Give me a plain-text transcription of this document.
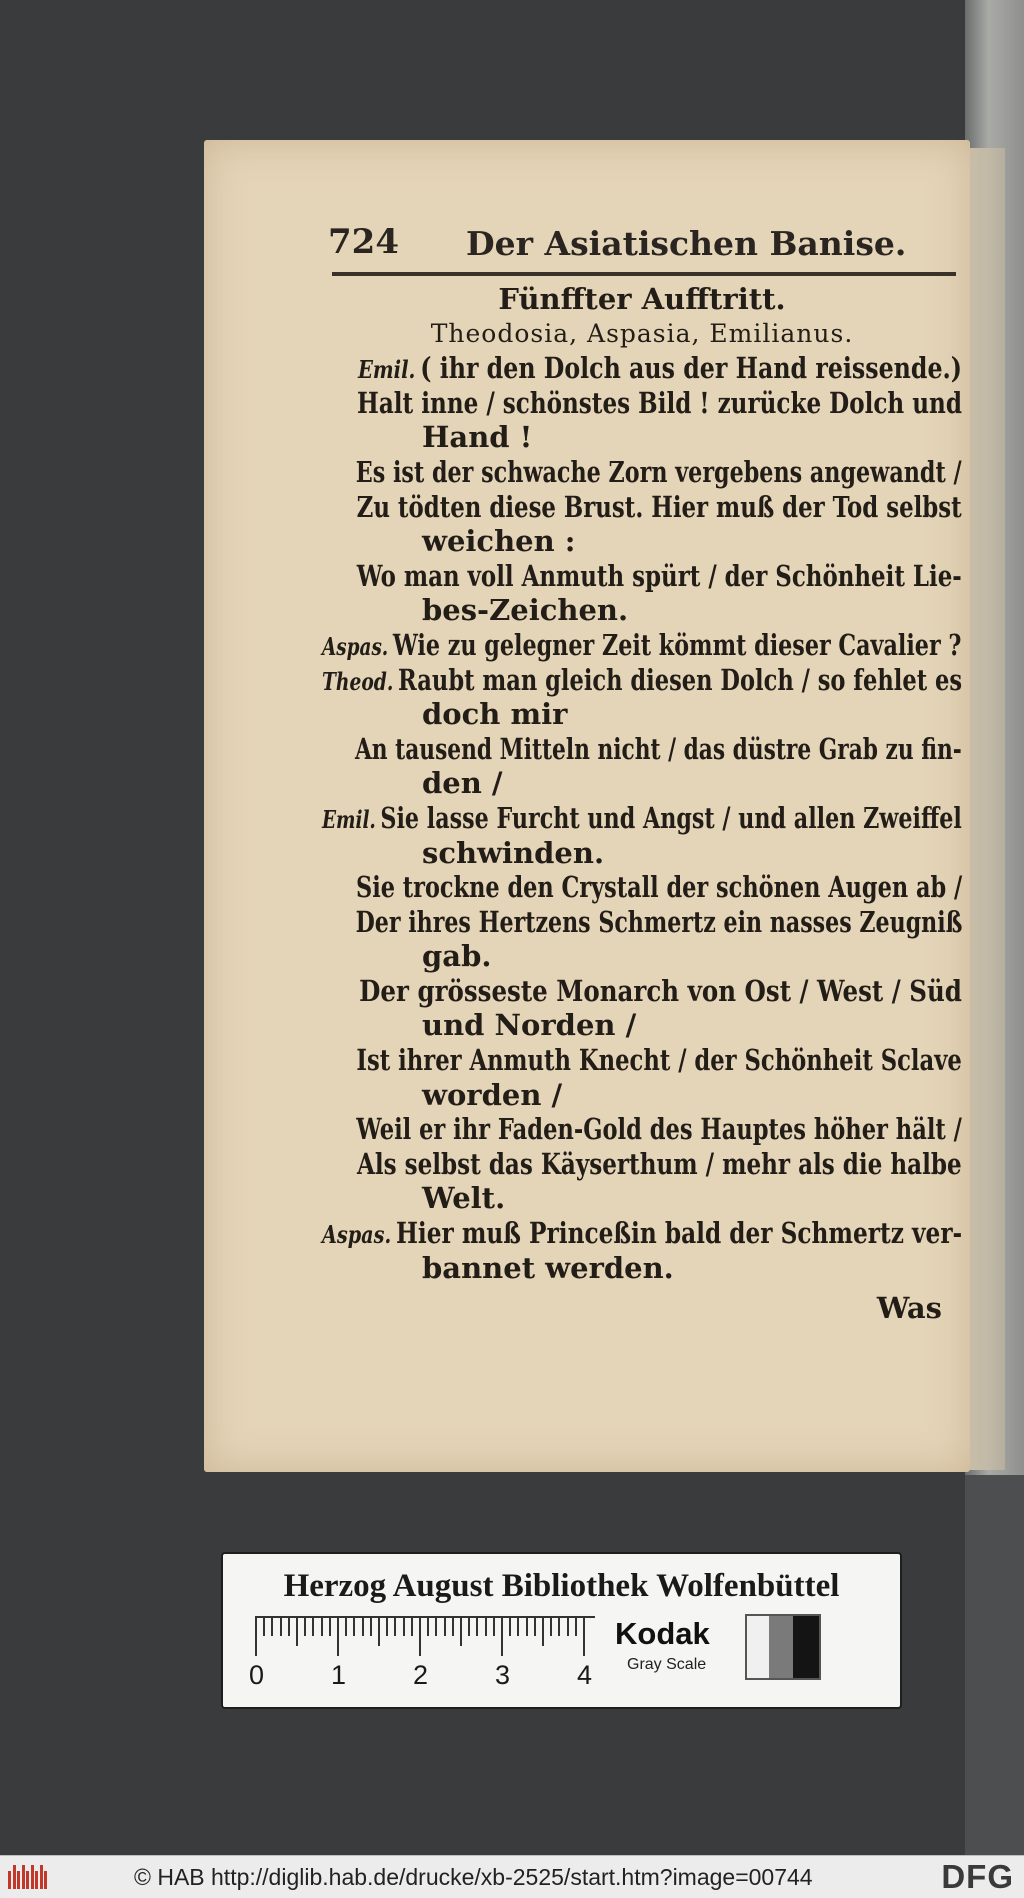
724 Der Asiatischen Banise.
Fünffter Aufftritt.
Theodosia, Aspasia, Emilianus.
Emil. ( ihr den Dolch aus der Hand reissende.)
Halt inne / schönstes Bild ! zurücke Dolch und
Hand !
Es ist der schwache Zorn vergebens angewandt /
Zu tödten diese Brust. Hier muß der Tod selbst
weichen :
Wo man voll Anmuth spürt / der Schönheit Lie-
bes-Zeichen.
Aspas. Wie zu gelegner Zeit kömmt dieser Cavalier ?
Theod. Raubt man gleich diesen Dolch / so fehlet es
doch mir
An tausend Mitteln nicht / das düstre Grab zu fin-
den /
Emil. Sie lasse Furcht und Angst / und allen Zweiffel
schwinden.
Sie trockne den Crystall der schönen Augen ab /
Der ihres Hertzens Schmertz ein nasses Zeugniß
gab.
Der grösseste Monarch von Ost / West / Süd
und Norden /
Ist ihrer Anmuth Knecht / der Schönheit Sclave
worden /
Weil er ihr Faden-Gold des Hauptes höher hält /
Als selbst das Käyserthum / mehr als die halbe
Welt.
Aspas. Hier muß Princeßin bald der Schmertz ver-
bannet werden.
Was
Herzog August Bibliothek Wolfenbüttel
0 1 2 3 4
Kodak
Gray Scale
© HAB http://diglib.hab.de/drucke/xb-2525/start.htm?image=00744	DFG
